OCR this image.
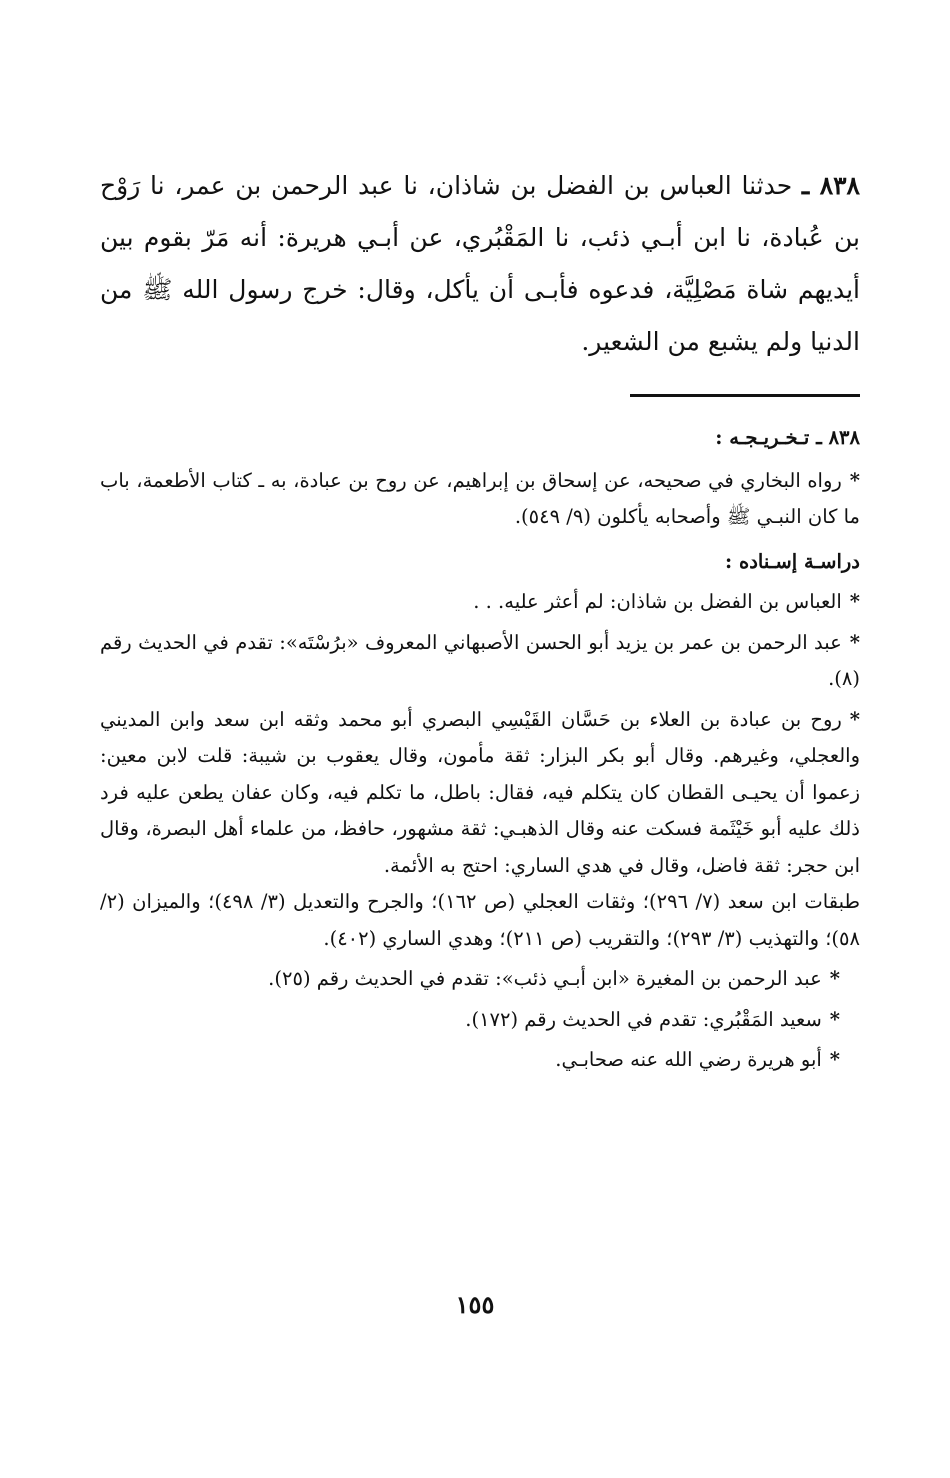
٨٣٨ ـ حدثنا العباس بن الفضل بن شاذان، نا عبد الرحمن بن عمر، نا رَوْح بن عُبادة، نا ابن أبـي ذئب، نا المَقْبُري، عن أبـي هريرة: أنه مَرّ بقوم بين أيديهم شاة مَصْلِيَّة، فدعوه فأبـى أن يأكل، وقال: خرج رسول الله ﷺ من الدنيا ولم يشبع من الشعير.

٨٣٨ ـ تـخـريـجـه :

*رواه البخاري في صحيحه، عن إسحاق بن إبراهيم، عن روح بن عبادة، به ـ كتاب الأطعمة، باب ما كان النبـي ﷺ وأصحابه يأكلون (٩/ ٥٤٩).

دراسـة إسـناده :

*العباس بن الفضل بن شاذان: لم أعثر عليه. . .

*عبد الرحمن بن عمر بن يزيد أبو الحسن الأصبهاني المعروف «برُسْتَه»: تقدم في الحديث رقم (٨).

*روح بن عبادة بن العلاء بن حَسَّان القَيْسِي البصري أبو محمد وثقه ابن سعد وابن المديني والعجلي، وغيرهم. وقال أبو بكر البزار: ثقة مأمون، وقال يعقوب بن شيبة: قلت لابن معين: زعموا أن يحيـى القطان كان يتكلم فيه، فقال: باطل، ما تكلم فيه، وكان عفان يطعن عليه فرد ذلك عليه أبو خَيْثَمة فسكت عنه وقال الذهبـي: ثقة مشهور، حافظ، من علماء أهل البصرة، وقال ابن حجر: ثقة فاضل، وقال في هدي الساري: احتج به الأئمة.

طبقات ابن سعد (٧/ ٢٩٦)؛ وثقات العجلي (ص ١٦٢)؛ والجرح والتعديل (٣/ ٤٩٨)؛ والميزان (٢/ ٥٨)؛ والتهذيب (٣/ ٢٩٣)؛ والتقريب (ص ٢١١)؛ وهدي الساري (٤٠٢).

*عبد الرحمن بن المغيرة «ابن أبـي ذئب»: تقدم في الحديث رقم (٢٥).

*سعيد المَقْبُري: تقدم في الحديث رقم (١٧٢).

*أبو هريرة رضي الله عنه صحابـي.

١٥٥
